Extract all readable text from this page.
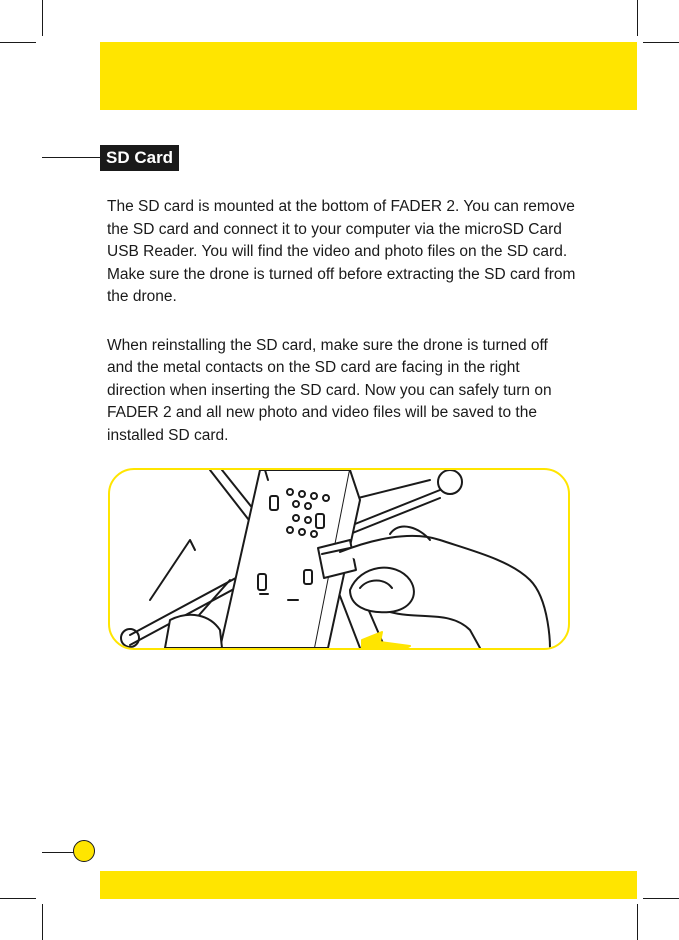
SD Card

The SD card is mounted at the bottom of FADER 2. You can remove the SD card and connect it to your computer via the microSD Card USB Reader. You will find the video and photo files on the SD card. Make sure the drone is turned off before extracting the SD card from the drone.

When reinstalling the SD card, make sure the drone is turned off and the metal contacts on the SD card are facing in the right direction when inserting the SD card. Now you can safely turn on FADER 2 and all new photo and video files will be saved to the installed SD card.
